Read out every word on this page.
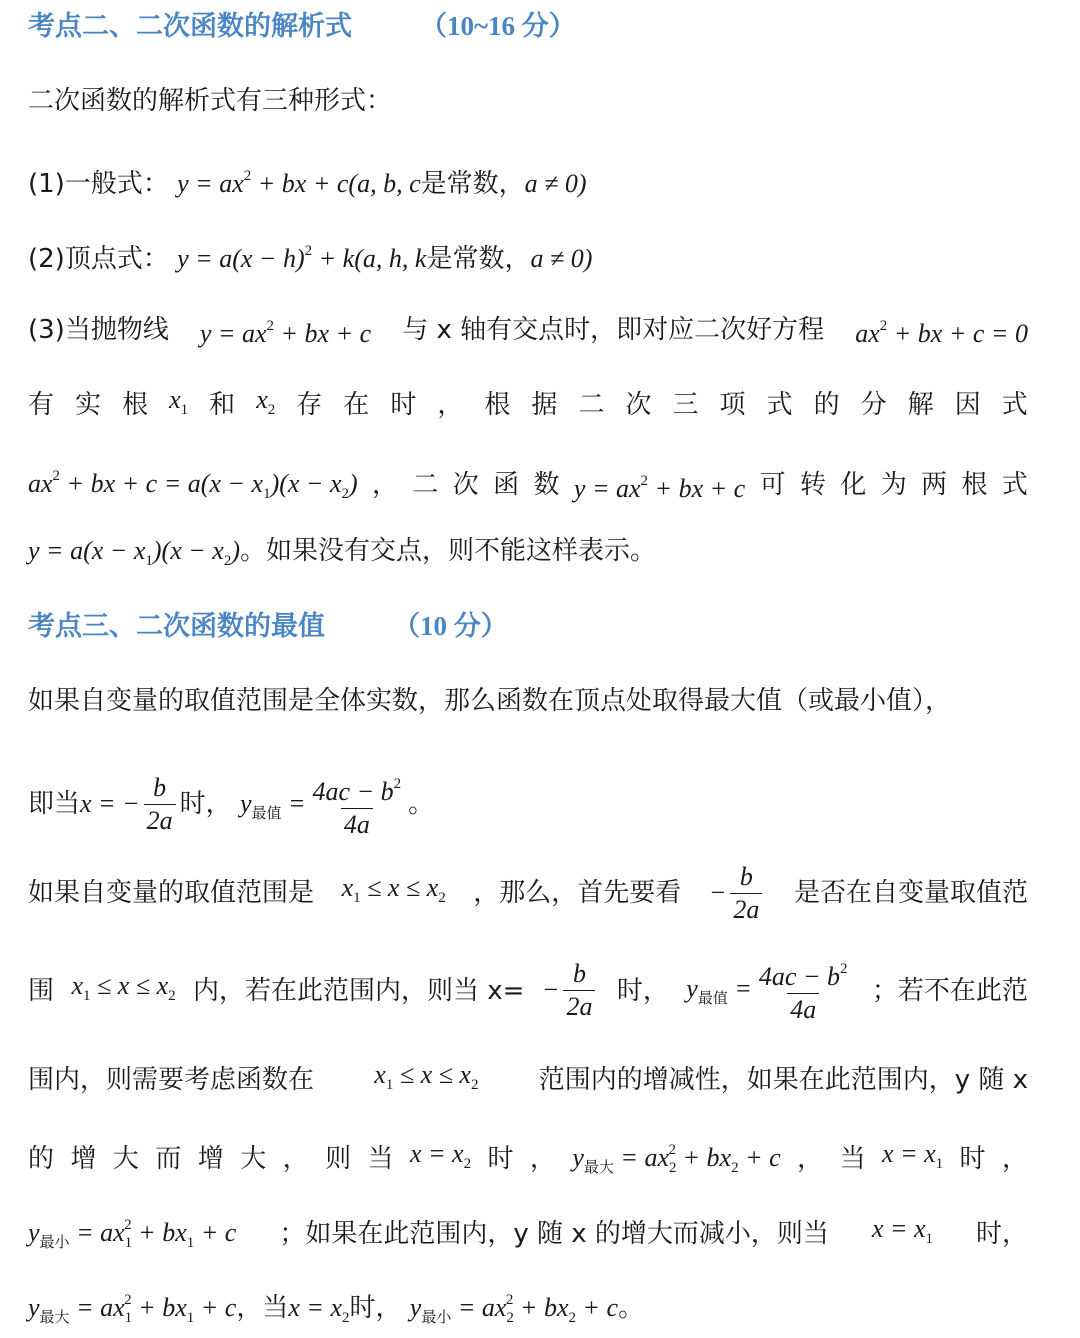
考点二、二次函数的解析式	（10~16 分）
二次函数的解析式有三种形式：
(1)一般式： $y = ax^2$ + bx + c(a, b, c是常数，a ≠ 0)
(2)顶点式： $y = a(x - h)^2 + k(a$, h, k是常数，a ≠ 0)
(3)当抛物线 $y = ax^2$ + bx + c 与 x 轴有交点时，即对应二次好方程 $ax^2$ + bx + c = 0
有 实 根 $x_1$ 和 $x_2$ 存 在 时 ， 根 据 二 次 三 项 式 的 分 解 因 式
$ax^2$ + bx + $c = a(x - x_1)(x - x_2)$ ， 二 次 函 数 $y = ax^2$ + bx + c 可 转 化 为 两 根 式
$y = a(x - x_1)(x - x_2)$。如果没有交点，则不能这样表示。
考点三、二次函数的最值	（10 分）
如果自变量的取值范围是全体实数，那么函数在顶点处取得最大值（或最小值），
即当x = − $\frac{b}{2a}$ 时， $y_{最值} = \frac{4ac - b^2}{4a}$ 。
如果自变量的取值范围是 $x_1 \le x \le x_2$ ，那么，首先要看 − $\frac{b}{2a}$ 是否在自变量取值范
围 $x_1 \le x \le x_2$ 内，若在此范围内，则当 $x= - \frac{b}{2a}$ 时， $y_{最值} = \frac{4ac - b^2}{4a}$ ；若不在此范
围内，则需要考虑函数在 $x_1 \le x \le x_2$ 范围内的增减性，如果在此范围内，y 随 x
的 增 大 而 增 大 ， 则 当 $x = x_2$ 时 ， $y_{最大} = ax_2^2 + bx_2 + c$ ， 当 $x = x_1$ 时 ，
$y_{最小} = ax_1^2 + bx_1 + c$ ；如果在此范围内，y 随 x 的增大而减小，则当 $x = x_1$ 时，
$y_{最大} = ax_1^2 + bx_1 + c$，当$x = x_2$时， $y_{最小} = ax_2^2 + bx_2 + c$。
